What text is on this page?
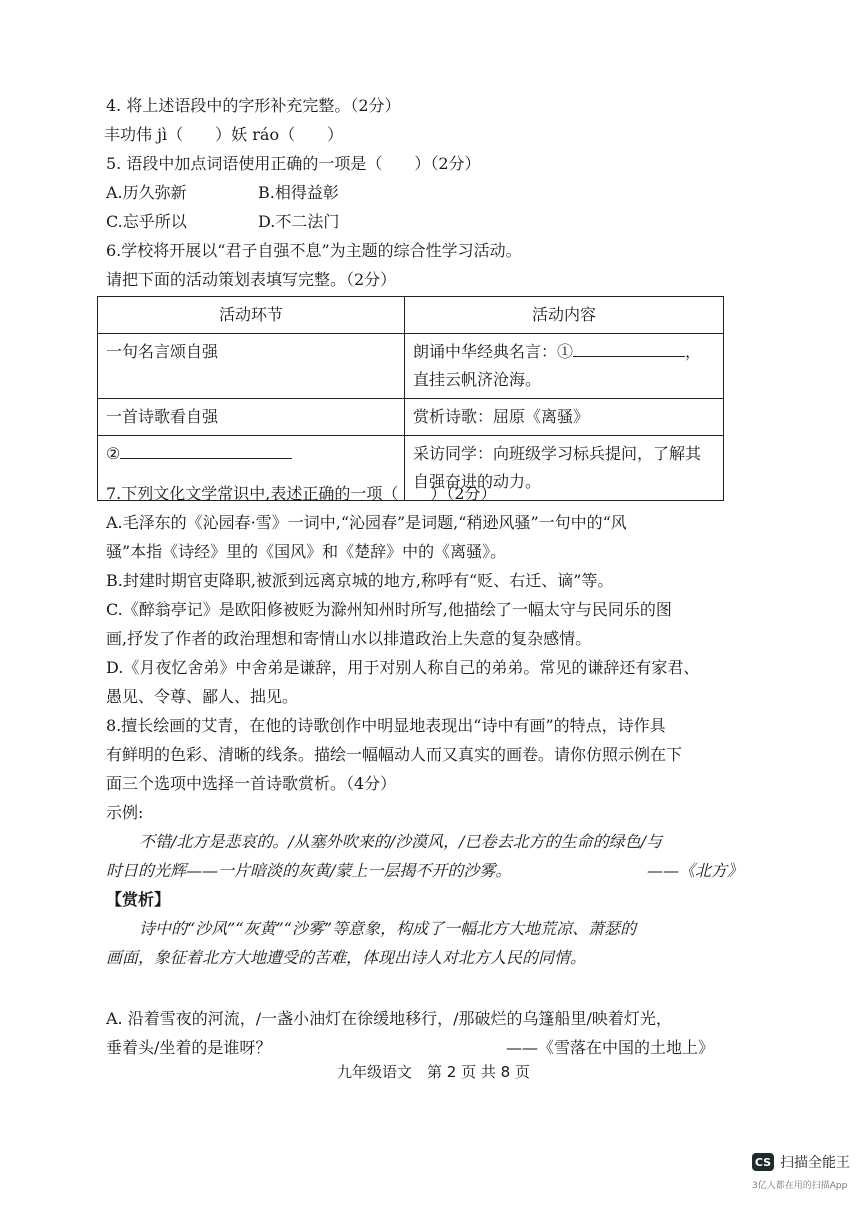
4. 将上述语段中的字形补充完整。（2分）
丰功伟 jì（　　）妖 ráo（　　）
5. 语段中加点词语使用正确的一项是（　　）（2分）
A.历久弥新	B.相得益彰
C.忘乎所以	D.不二法门
6.学校将开展以“君子自强不息”为主题的综合性学习活动。
请把下面的活动策划表填写完整。（2分）
活动环节	活动内容
一句名言颂自强	朗诵中华经典名言：① ，
直挂云帆济沧海。
一首诗歌看自强	赏析诗歌：屈原《离骚》
②	采访同学：向班级学习标兵提问，了解其
自强奋进的动力。
7.下列文化文学常识中,表述正确的一项（　　）（2分）
A.毛泽东的《沁园春·雪》一词中,“沁园春”是词题,“稍逊风骚”一句中的“风
骚”本指《诗经》里的《国风》和《楚辞》中的《离骚》。
B.封建时期官吏降职,被派到远离京城的地方,称呼有“贬、右迁、谪”等。
C.《醉翁亭记》是欧阳修被贬为滁州知州时所写,他描绘了一幅太守与民同乐的图
画,抒发了作者的政治理想和寄情山水以排遣政治上失意的复杂感情。
D.《月夜忆舍弟》中舍弟是谦辞，用于对别人称自己的弟弟。常见的谦辞还有家君、
愚见、令尊、鄙人、拙见。
8.擅长绘画的艾青，在他的诗歌创作中明显地表现出“诗中有画”的特点，诗作具
有鲜明的色彩、清晰的线条。描绘一幅幅动人而又真实的画卷。请你仿照示例在下
面三个选项中选择一首诗歌赏析。（4分）
示例:
不错/北方是悲哀的。/从塞外吹来的/沙漠风，/已卷去北方的生命的绿色/与
时日的光辉——一片暗淡的灰黄/蒙上一层揭不开的沙雾。	——《北方》
【赏析】
诗中的“沙风”“灰黄”“沙雾”等意象，构成了一幅北方大地荒凉、萧瑟的
画面，象征着北方大地遭受的苦难，体现出诗人对北方人民的同情。
A. 沿着雪夜的河流，/一盏小油灯在徐缓地移行，/那破烂的乌篷船里/映着灯光，
垂着头/坐着的是谁呀？	——《雪落在中国的土地上》
九年级语文　第 2 页 共 8 页
CS 扫描全能王
3亿人都在用的扫描App
